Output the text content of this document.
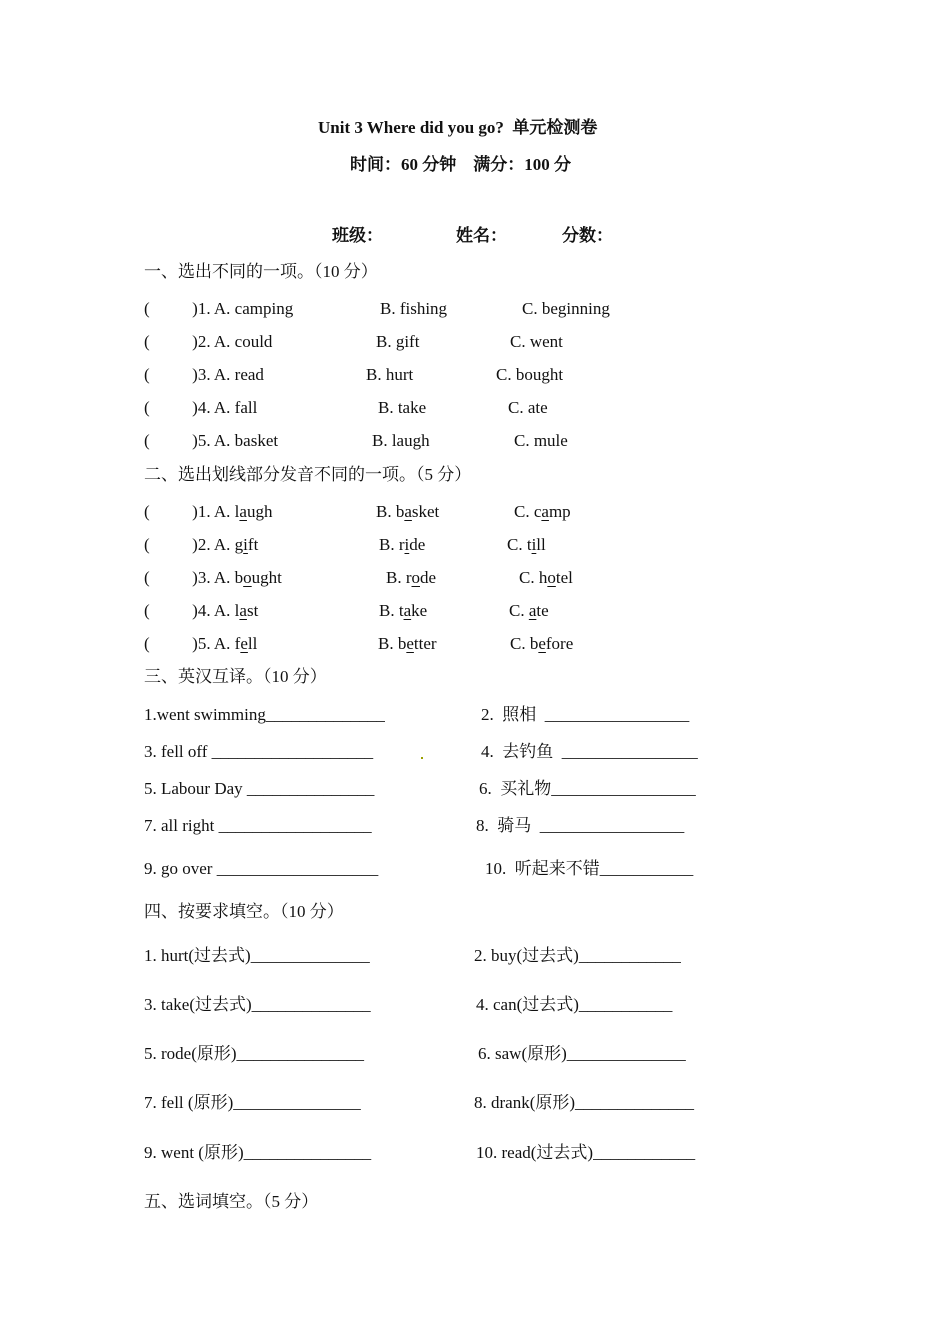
Unit 3 Where did you go?  单元检测卷
时间：60 分钟    满分：100 分
班级：	姓名：	分数：
一、选出不同的一项。（10 分）
(          )1. A. camping	B. fishing	C. beginning
(          )2. A. could	B. gift	C. went
(          )3. A. read	B. hurt	C. bought
(          )4. A. fall	B. take	C. ate
(          )5. A. basket	B. laugh	C. mule
二、选出划线部分发音不同的一项。（5 分）
(          )1. A. laugh	B. basket	C. camp
(          )2. A. gift	B. ride	C. till
(          )3. A. bought	B. rode	C. hotel
(          )4. A. last	B. take	C. ate
(          )5. A. fell	B. better	C. before
三、英汉互译。（10 分）
1.went swimming______________	2.  照相  _________________
3. fell off ___________________	4.  去钓鱼  ________________
5. Labour Day _______________	6.  买礼物_________________
7. all right __________________	8.  骑马  _________________
9. go over ___________________	10.  听起来不错___________
四、按要求填空。（10 分）
1. hurt(过去式)______________	2. buy(过去式)____________
3. take(过去式)______________	4. can(过去式)___________
5. rode(原形)_______________	6. saw(原形)______________
7. fell (原形)_______________	8. drank(原形)______________
9. went (原形)_______________	10. read(过去式)____________
五、选词填空。（5 分）
